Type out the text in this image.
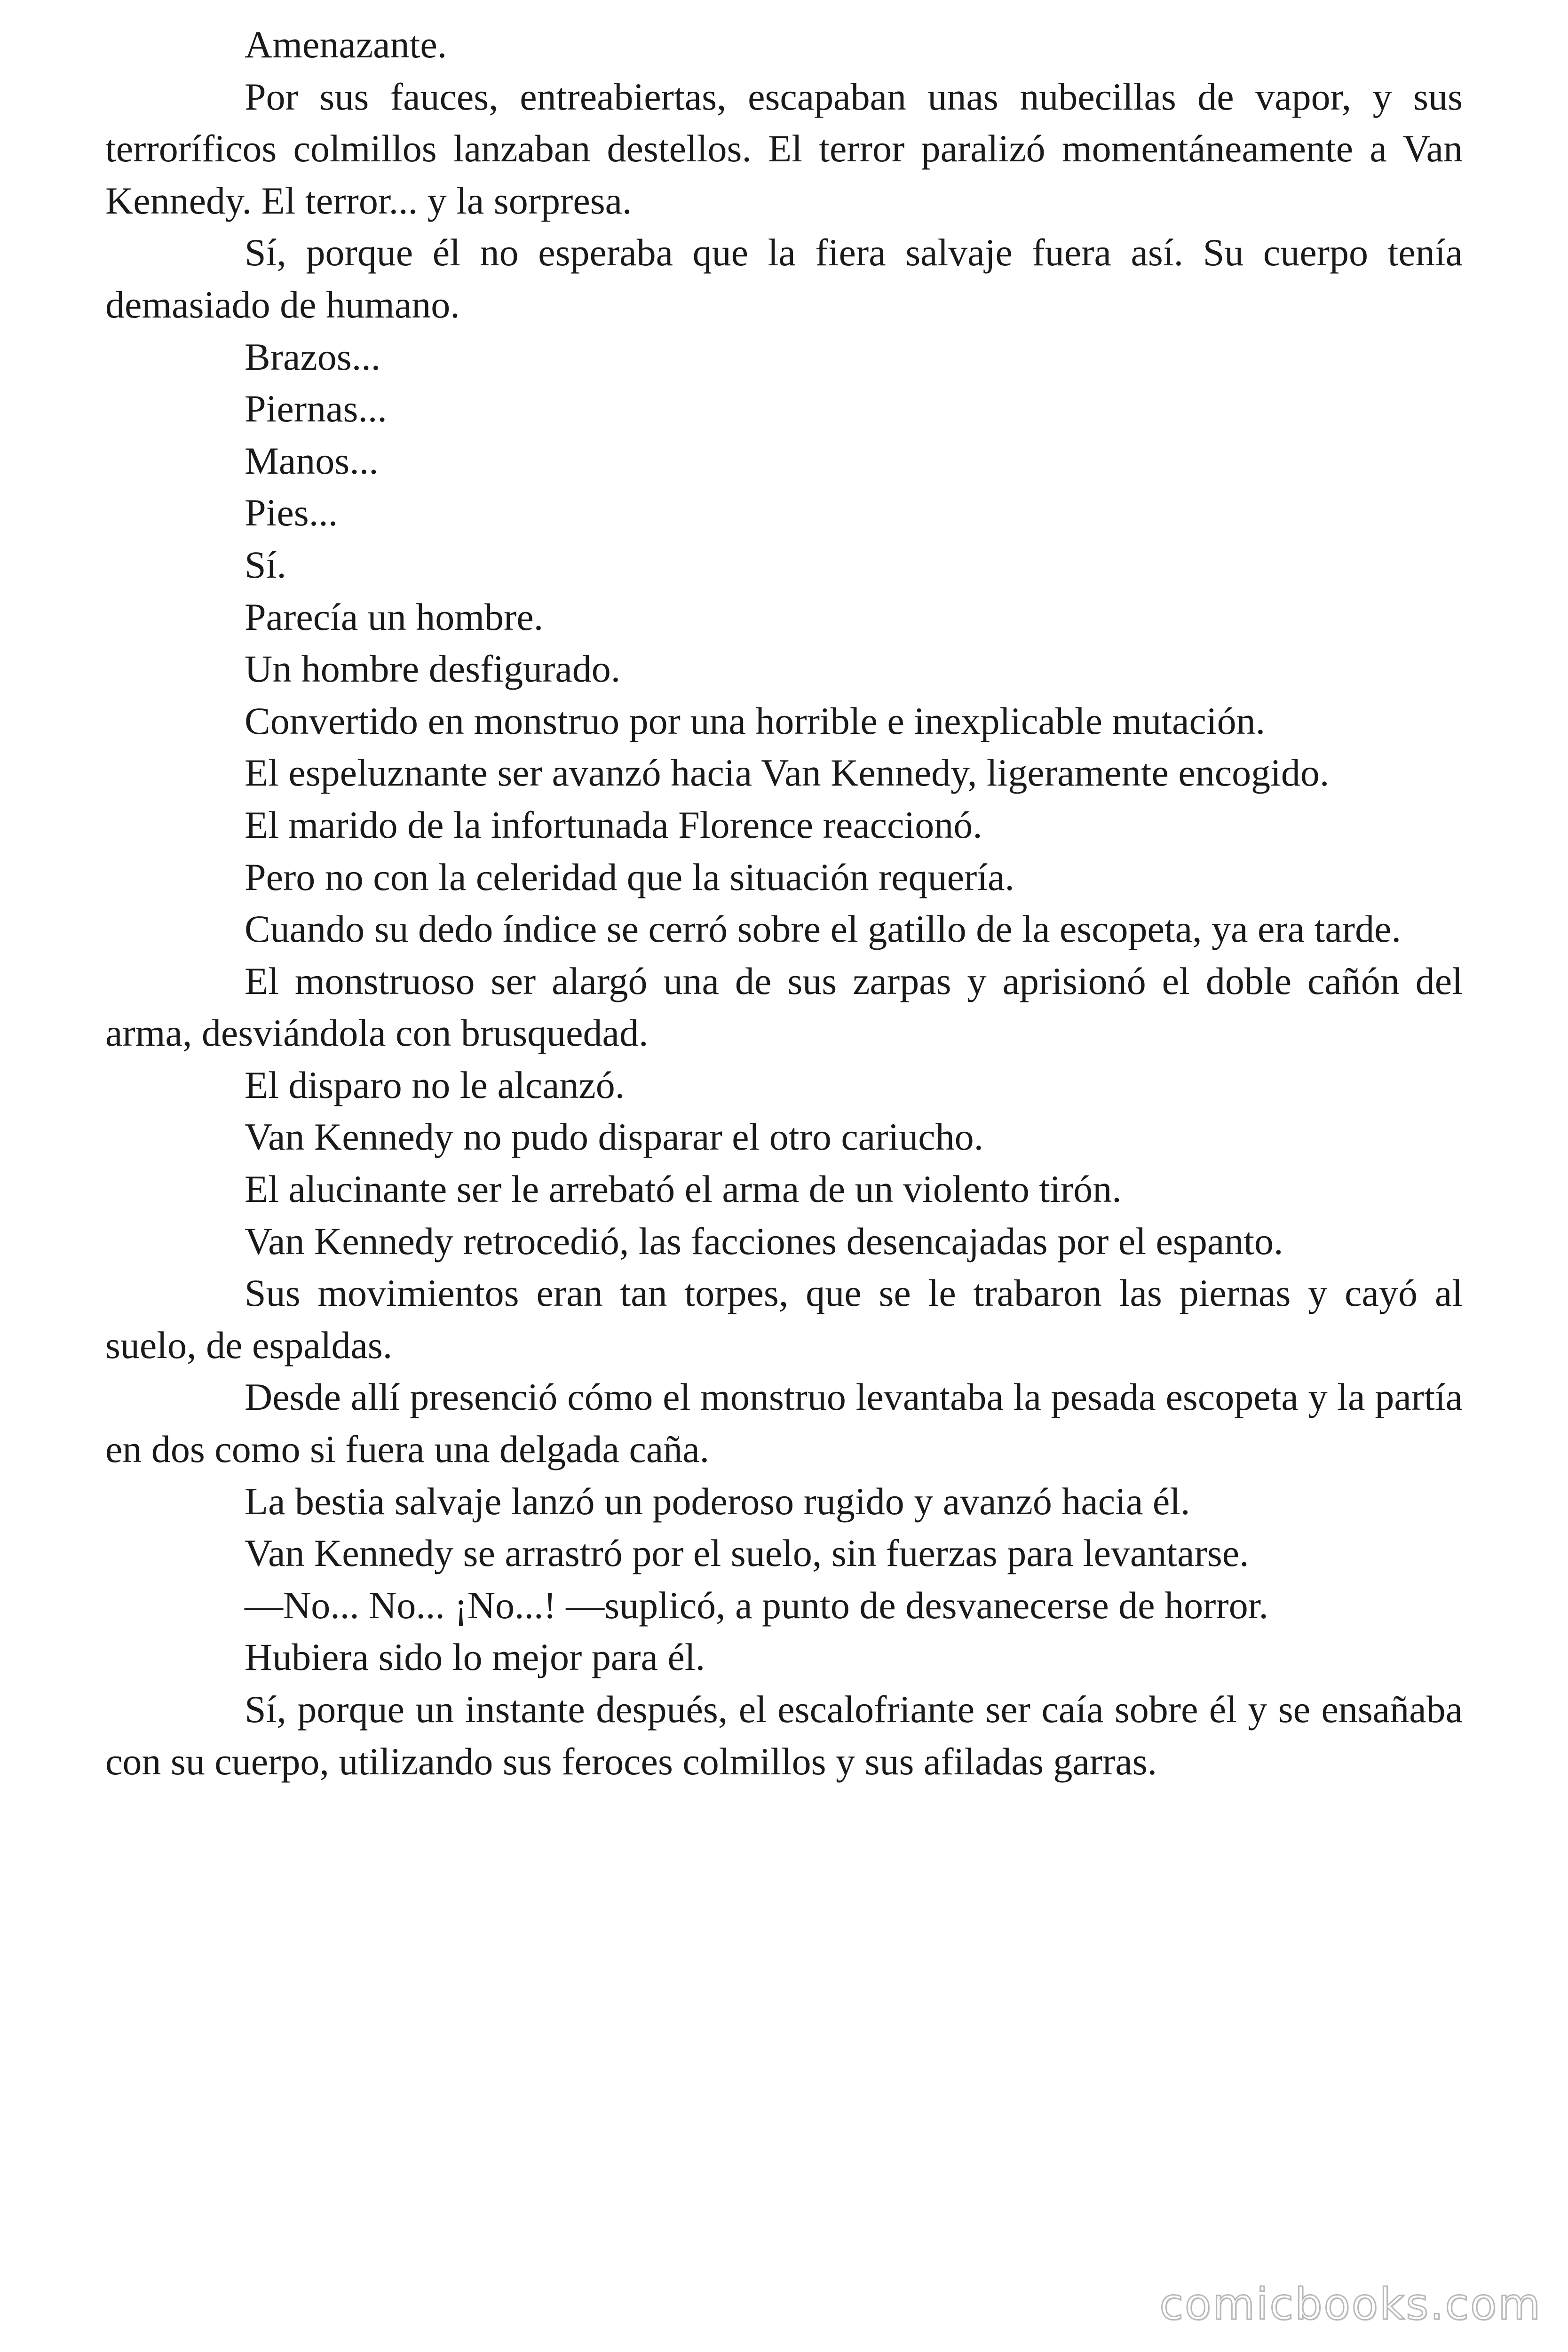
Amenazante.

Por sus fauces, entreabiertas, escapaban unas nubecillas de vapor, y sus terroríficos colmillos lanzaban destellos. El terror paralizó momentáneamente a Van Kennedy. El terror... y la sorpresa.

Sí, porque él no esperaba que la fiera salvaje fuera así. Su cuerpo tenía demasiado de humano.

Brazos...

Piernas...

Manos...

Pies...

Sí.

Parecía un hombre.

Un hombre desfigurado.

Convertido en monstruo por una horrible e inexplicable mutación.

El espeluznante ser avanzó hacia Van Kennedy, ligeramente encogido.

El marido de la infortunada Florence reaccionó.

Pero no con la celeridad que la situación requería.

Cuando su dedo índice se cerró sobre el gatillo de la escopeta, ya era tarde.

El monstruoso ser alargó una de sus zarpas y aprisionó el doble cañón del arma, desviándola con brusquedad.

El disparo no le alcanzó.

Van Kennedy no pudo disparar el otro cariucho.

El alucinante ser le arrebató el arma de un violento tirón.

Van Kennedy retrocedió, las facciones desencajadas por el espanto.

Sus movimientos eran tan torpes, que se le trabaron las piernas y cayó al suelo, de espaldas.

Desde allí presenció cómo el monstruo levantaba la pesada escopeta y la partía en dos como si fuera una delgada caña.

La bestia salvaje lanzó un poderoso rugido y avanzó hacia él.

Van Kennedy se arrastró por el suelo, sin fuerzas para levantarse.

—No... No... ¡No...! —suplicó, a punto de desvanecerse de horror.

Hubiera sido lo mejor para él.

Sí, porque un instante después, el escalofriante ser caía sobre él y se ensañaba con su cuerpo, utilizando sus feroces colmillos y sus afiladas garras.

comicbooks.com
